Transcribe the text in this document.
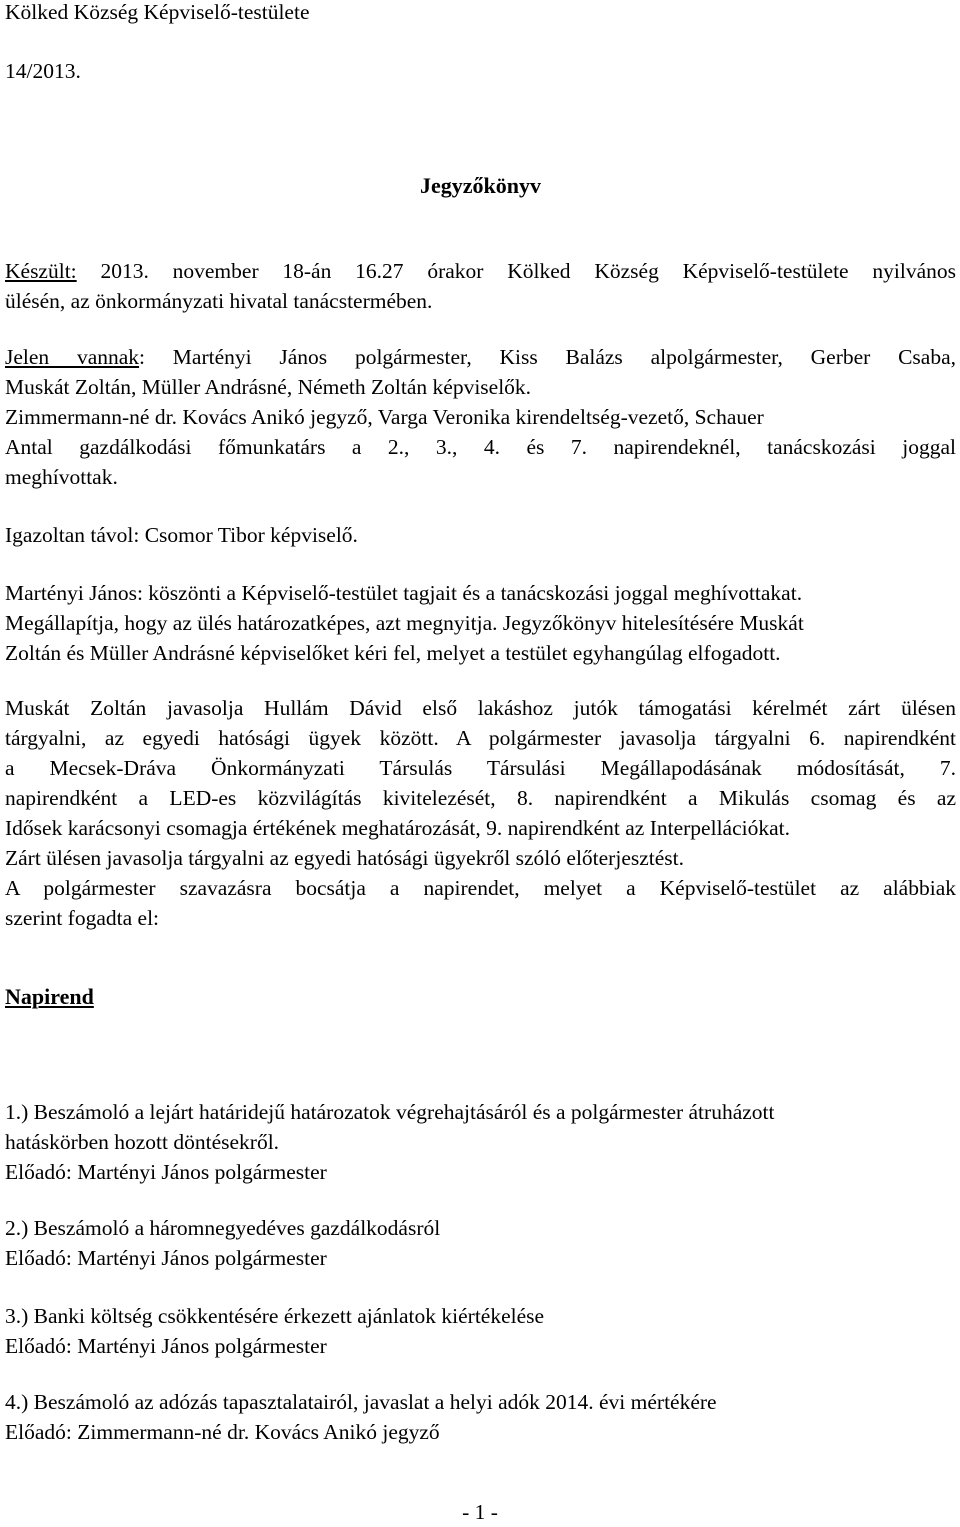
Kölked Község Képviselő-testülete
14/2013.
Jegyzőkönyv
Készült: 2013. november 18-án 16.27 órakor Kölked Község Képviselő-testülete nyilvános
ülésén, az önkormányzati hivatal tanácstermében.
Jelen vannak: Martényi János polgármester, Kiss Balázs alpolgármester, Gerber Csaba,
Muskát Zoltán, Müller Andrásné, Németh Zoltán képviselők.
Zimmermann-né dr. Kovács Anikó jegyző, Varga Veronika kirendeltség-vezető, Schauer
Antal gazdálkodási főmunkatárs a 2., 3., 4. és 7. napirendeknél, tanácskozási joggal
meghívottak.
Igazoltan távol: Csomor Tibor képviselő.
Martényi János: köszönti a Képviselő-testület tagjait és a tanácskozási joggal meghívottakat.
Megállapítja, hogy az ülés határozatképes, azt megnyitja. Jegyzőkönyv hitelesítésére Muskát
Zoltán és Müller Andrásné képviselőket kéri fel, melyet a testület egyhangúlag elfogadott.
Muskát Zoltán javasolja Hullám Dávid első lakáshoz jutók támogatási kérelmét zárt ülésen
tárgyalni, az egyedi hatósági ügyek között. A polgármester javasolja tárgyalni 6. napirendként
a Mecsek-Dráva Önkormányzati Társulás Társulási Megállapodásának módosítását, 7.
napirendként a LED-es közvilágítás kivitelezését, 8. napirendként a Mikulás csomag és az
Idősek karácsonyi csomagja értékének meghatározását, 9. napirendként az Interpellációkat.
Zárt ülésen javasolja tárgyalni az egyedi hatósági ügyekről szóló előterjesztést.
A polgármester szavazásra bocsátja a napirendet, melyet a Képviselő-testület az alábbiak
szerint fogadta el:
Napirend
1.) Beszámoló a lejárt határidejű határozatok végrehajtásáról és a polgármester átruházott
hatáskörben hozott döntésekről.
Előadó: Martényi János polgármester
2.) Beszámoló a háromnegyedéves gazdálkodásról
Előadó: Martényi János polgármester
3.) Banki költség csökkentésére érkezett ajánlatok kiértékelése
Előadó: Martényi János polgármester
4.) Beszámoló az adózás tapasztalatairól, javaslat a helyi adók 2014. évi mértékére
Előadó: Zimmermann-né dr. Kovács Anikó jegyző
- 1 -
